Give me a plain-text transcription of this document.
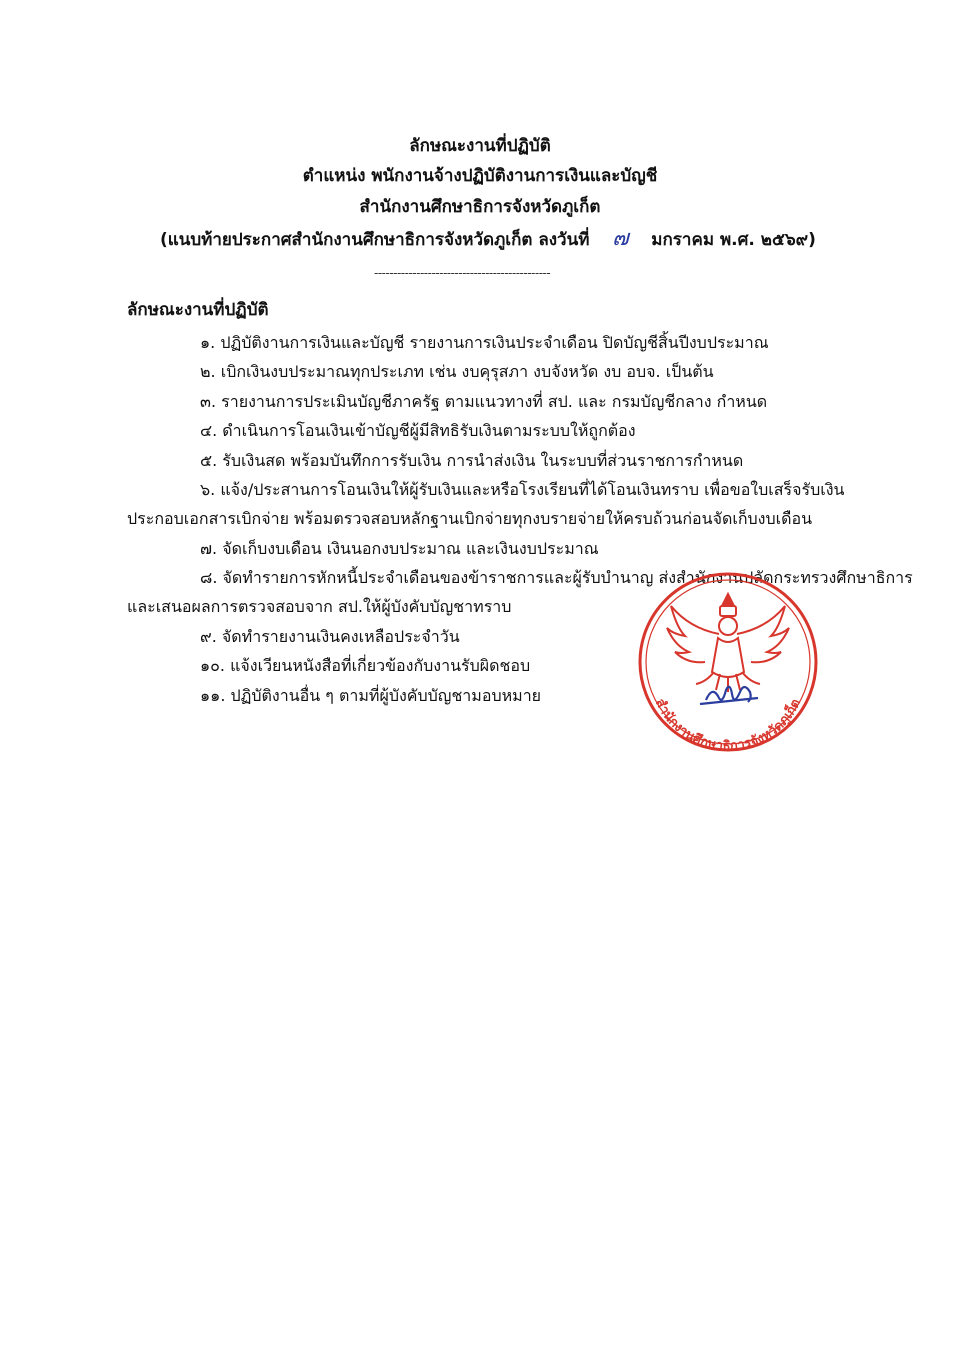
ลักษณะงานที่ปฏิบัติ
ตำแหน่ง พนักงานจ้างปฏิบัติงานการเงินและบัญชี
สำนักงานศึกษาธิการจังหวัดภูเก็ต
(แนบท้ายประกาศสำนักงานศึกษาธิการจังหวัดภูเก็ต ลงวันที่ ๗ มกราคม พ.ศ. ๒๕๖๙)
----------------------------------------------
ลักษณะงานที่ปฏิบัติ
๑. ปฏิบัติงานการเงินและบัญชี รายงานการเงินประจำเดือน ปิดบัญชีสิ้นปีงบประมาณ
๒. เบิกเงินงบประมาณทุกประเภท เช่น งบคุรุสภา งบจังหวัด งบ อบจ. เป็นต้น
๓. รายงานการประเมินบัญชีภาครัฐ ตามแนวทางที่ สป. และ กรมบัญชีกลาง กำหนด
๔. ดำเนินการโอนเงินเข้าบัญชีผู้มีสิทธิรับเงินตามระบบให้ถูกต้อง
๕. รับเงินสด พร้อมบันทึกการรับเงิน การนำส่งเงิน ในระบบที่ส่วนราชการกำหนด
๖. แจ้ง/ประสานการโอนเงินให้ผู้รับเงินและหรือโรงเรียนที่ได้โอนเงินทราบ เพื่อขอใบเสร็จรับเงิน
ประกอบเอกสารเบิกจ่าย พร้อมตรวจสอบหลักฐานเบิกจ่ายทุกงบรายจ่ายให้ครบถ้วนก่อนจัดเก็บงบเดือน
๗. จัดเก็บงบเดือน เงินนอกงบประมาณ และเงินงบประมาณ
๘. จัดทำรายการหักหนี้ประจำเดือนของข้าราชการและผู้รับบำนาญ ส่งสำนักงานปลัดกระทรวงศึกษาธิการ
และเสนอผลการตรวจสอบจาก สป.ให้ผู้บังคับบัญชาทราบ
๙. จัดทำรายงานเงินคงเหลือประจำวัน
๑๐. แจ้งเวียนหนังสือที่เกี่ยวข้องกับงานรับผิดชอบ
๑๑. ปฏิบัติงานอื่น ๆ ตามที่ผู้บังคับบัญชามอบหมาย
สำนักงานศึกษาธิการจังหวัดภูเก็ต
